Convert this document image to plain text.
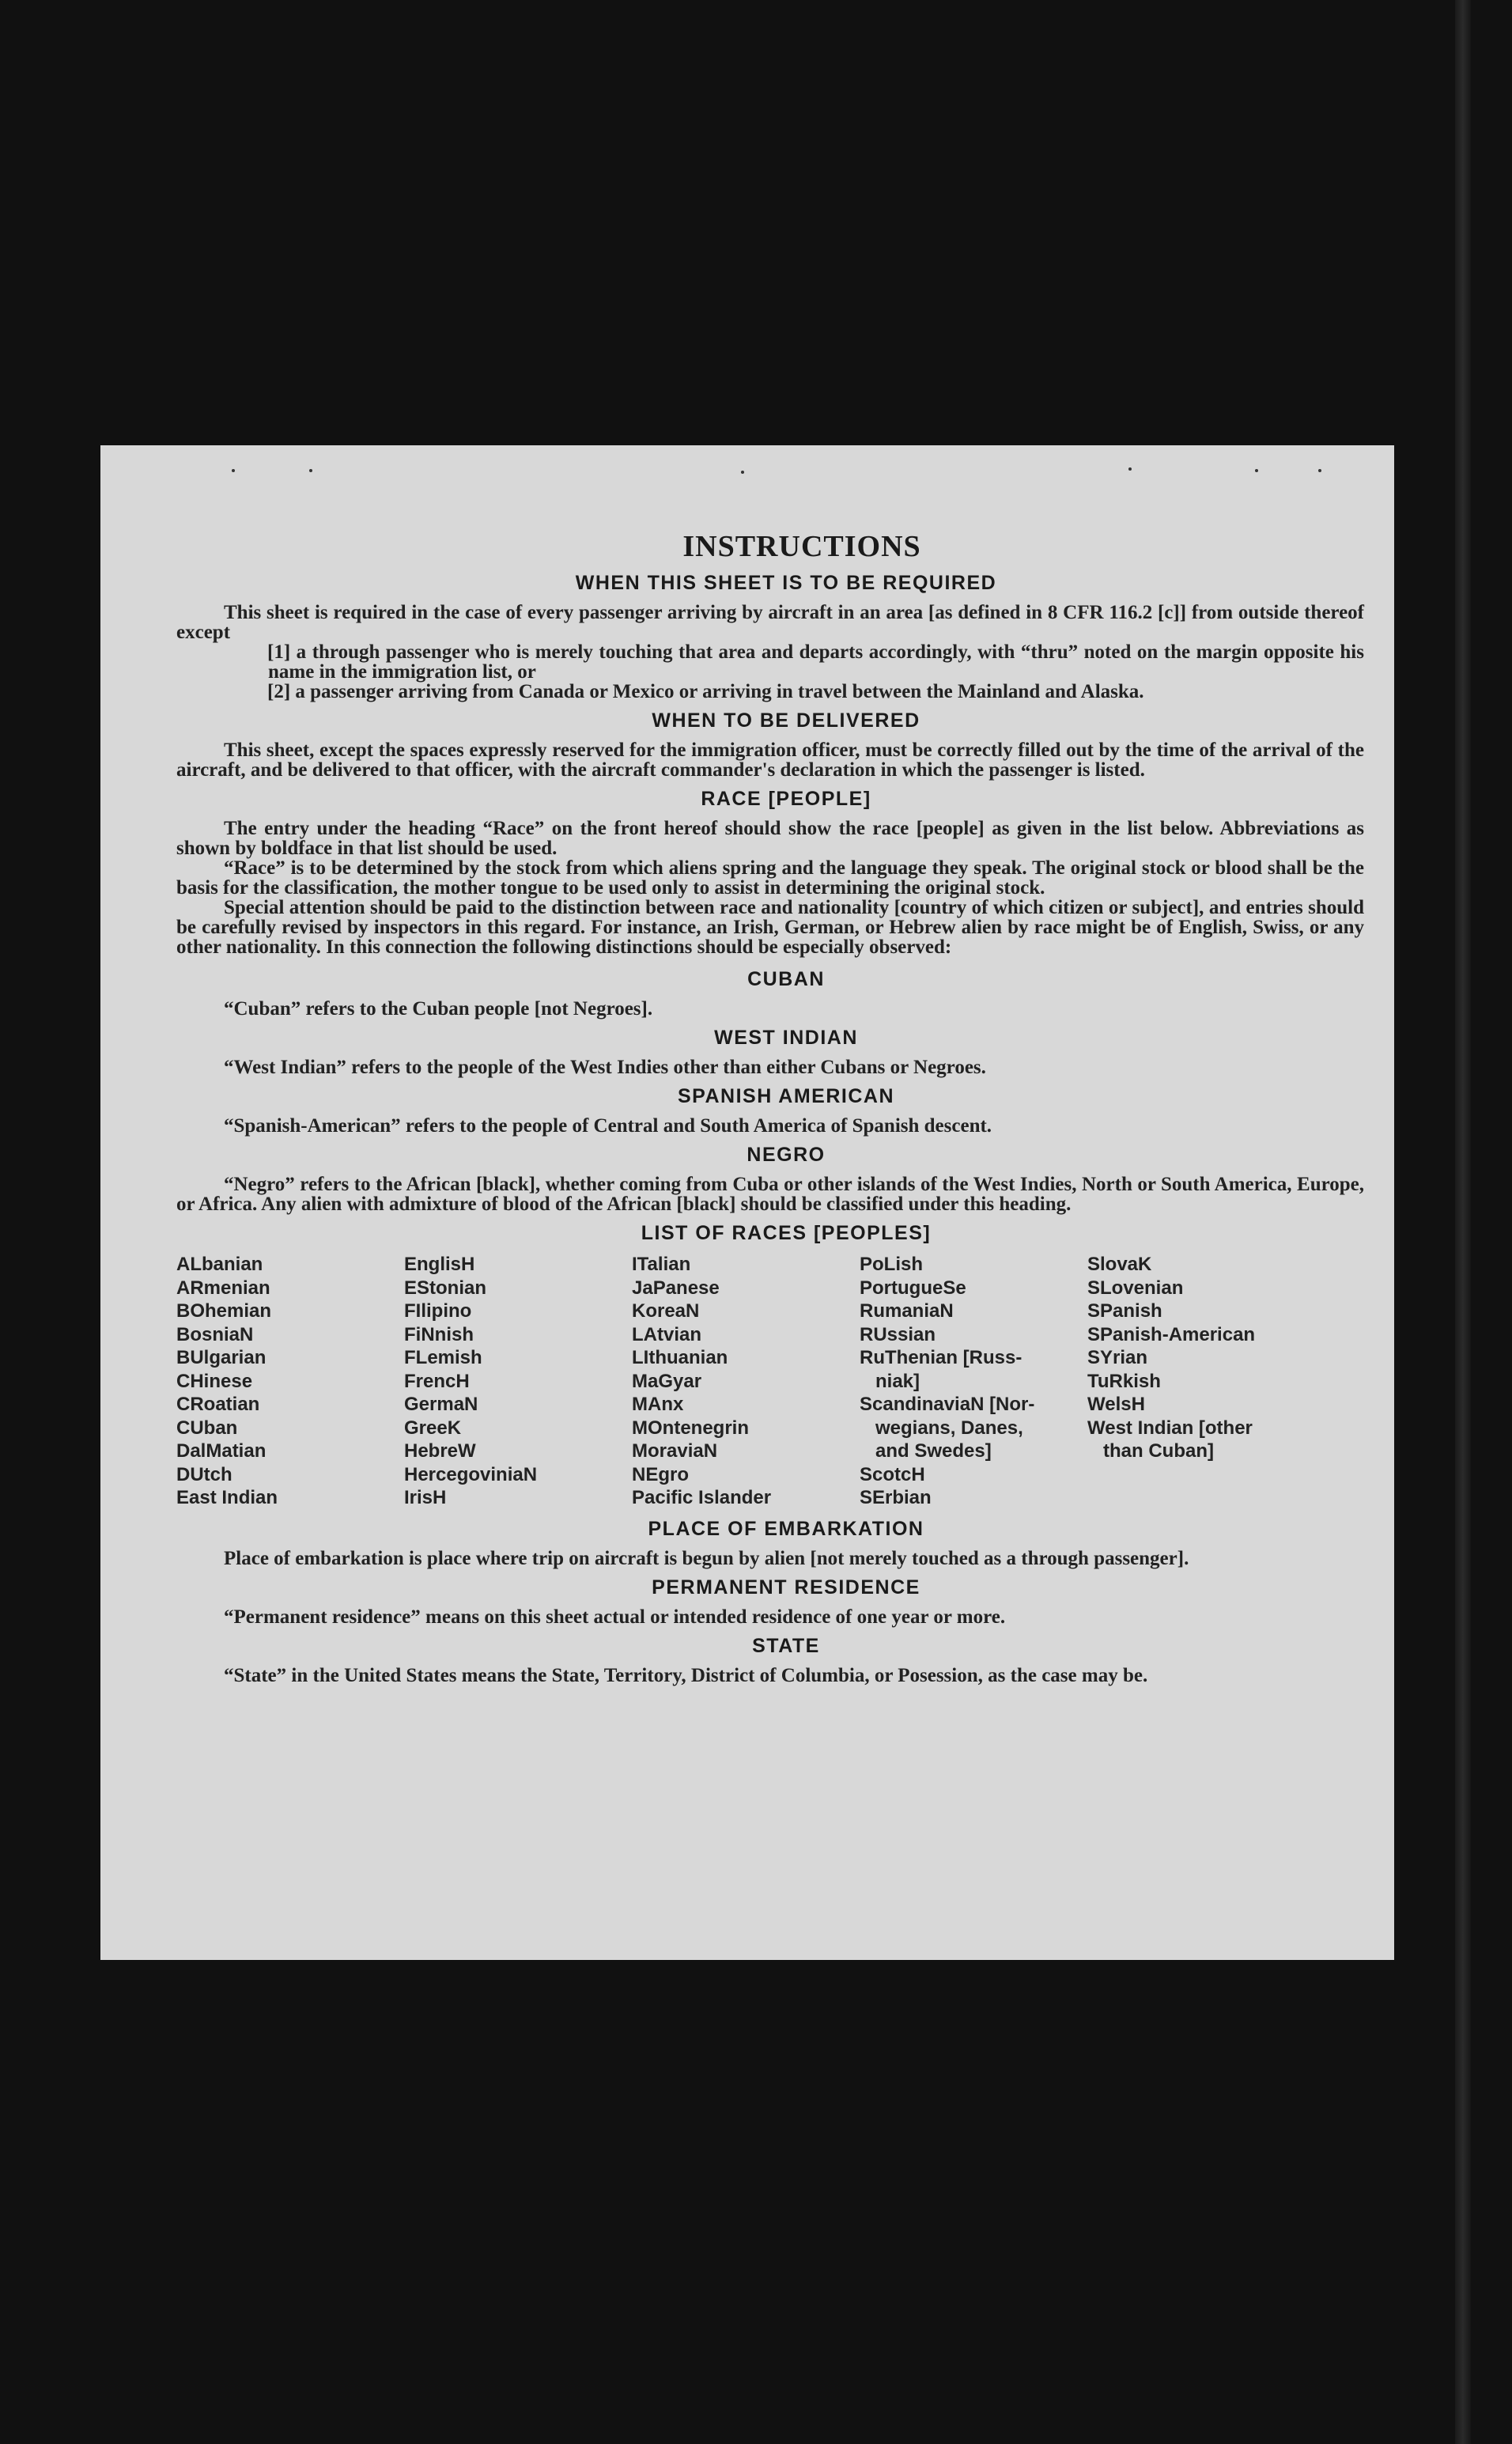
INSTRUCTIONS
WHEN THIS SHEET IS TO BE REQUIRED

This sheet is required in the case of every passenger arriving by aircraft in an area [as defined in 8 CFR 116.2 [c]] from outside thereof except

[1] a through passenger who is merely touching that area and departs accordingly, with “thru” noted on the margin opposite his name in the immigration list, or
[2] a passenger arriving from Canada or Mexico or arriving in travel between the Mainland and Alaska.
WHEN TO BE DELIVERED

This sheet, except the spaces expressly reserved for the immigration officer, must be correctly filled out by the time of the arrival of the aircraft, and be delivered to that officer, with the aircraft commander's declaration in which the passenger is listed.

RACE [PEOPLE]

The entry under the heading “Race” on the front hereof should show the race [people] as given in the list below. Abbreviations as shown by boldface in that list should be used.

“Race” is to be determined by the stock from which aliens spring and the language they speak. The original stock or blood shall be the basis for the classification, the mother tongue to be used only to assist in determining the original stock.

Special attention should be paid to the distinction between race and nationality [country of which citizen or subject], and entries should be carefully revised by inspectors in this regard. For instance, an Irish, German, or Hebrew alien by race might be of English, Swiss, or any other nationality. In this connection the following distinctions should be especially observed:

CUBAN

“Cuban” refers to the Cuban people [not Negroes].

WEST INDIAN

“West Indian” refers to the people of the West Indies other than either Cubans or Negroes.

SPANISH AMERICAN

“Spanish-American” refers to the people of Central and South America of Spanish descent.

NEGRO

“Negro” refers to the African [black], whether coming from Cuba or other islands of the West Indies, North or South America, Europe, or Africa. Any alien with admixture of blood of the African [black] should be classified under this heading.

LIST OF RACES [PEOPLES]
ALbanian
ARmenian
BOhemian
BosniaN
BUlgarian
CHinese
CRoatian
CUban
DalMatian
DUtch
East Indian
EnglisH
EStonian
FIlipino
FiNnish
FLemish
FrencH
GermaN
GreeK
HebreW
HercegoviniaN
IrisH
ITalian
JaPanese
KoreaN
LAtvian
LIthuanian
MaGyar
MAnx
MOntenegrin
MoraviaN
NEgro
Pacific Islander
PoLish
PortugueSe
RumaniaN
RUssian
RuThenian [Russ-
niak]
ScandinaviaN [Nor-
wegians, Danes,
and Swedes]
ScotcH
SErbian
SlovaK
SLovenian
SPanish
SPanish-American
SYrian
TuRkish
WelsH
West Indian [other
than Cuban]
PLACE OF EMBARKATION

Place of embarkation is place where trip on aircraft is begun by alien [not merely touched as a through passenger].

PERMANENT RESIDENCE

“Permanent residence” means on this sheet actual or intended residence of one year or more.

STATE

“State” in the United States means the State, Territory, District of Columbia, or Posession, as the case may be.
